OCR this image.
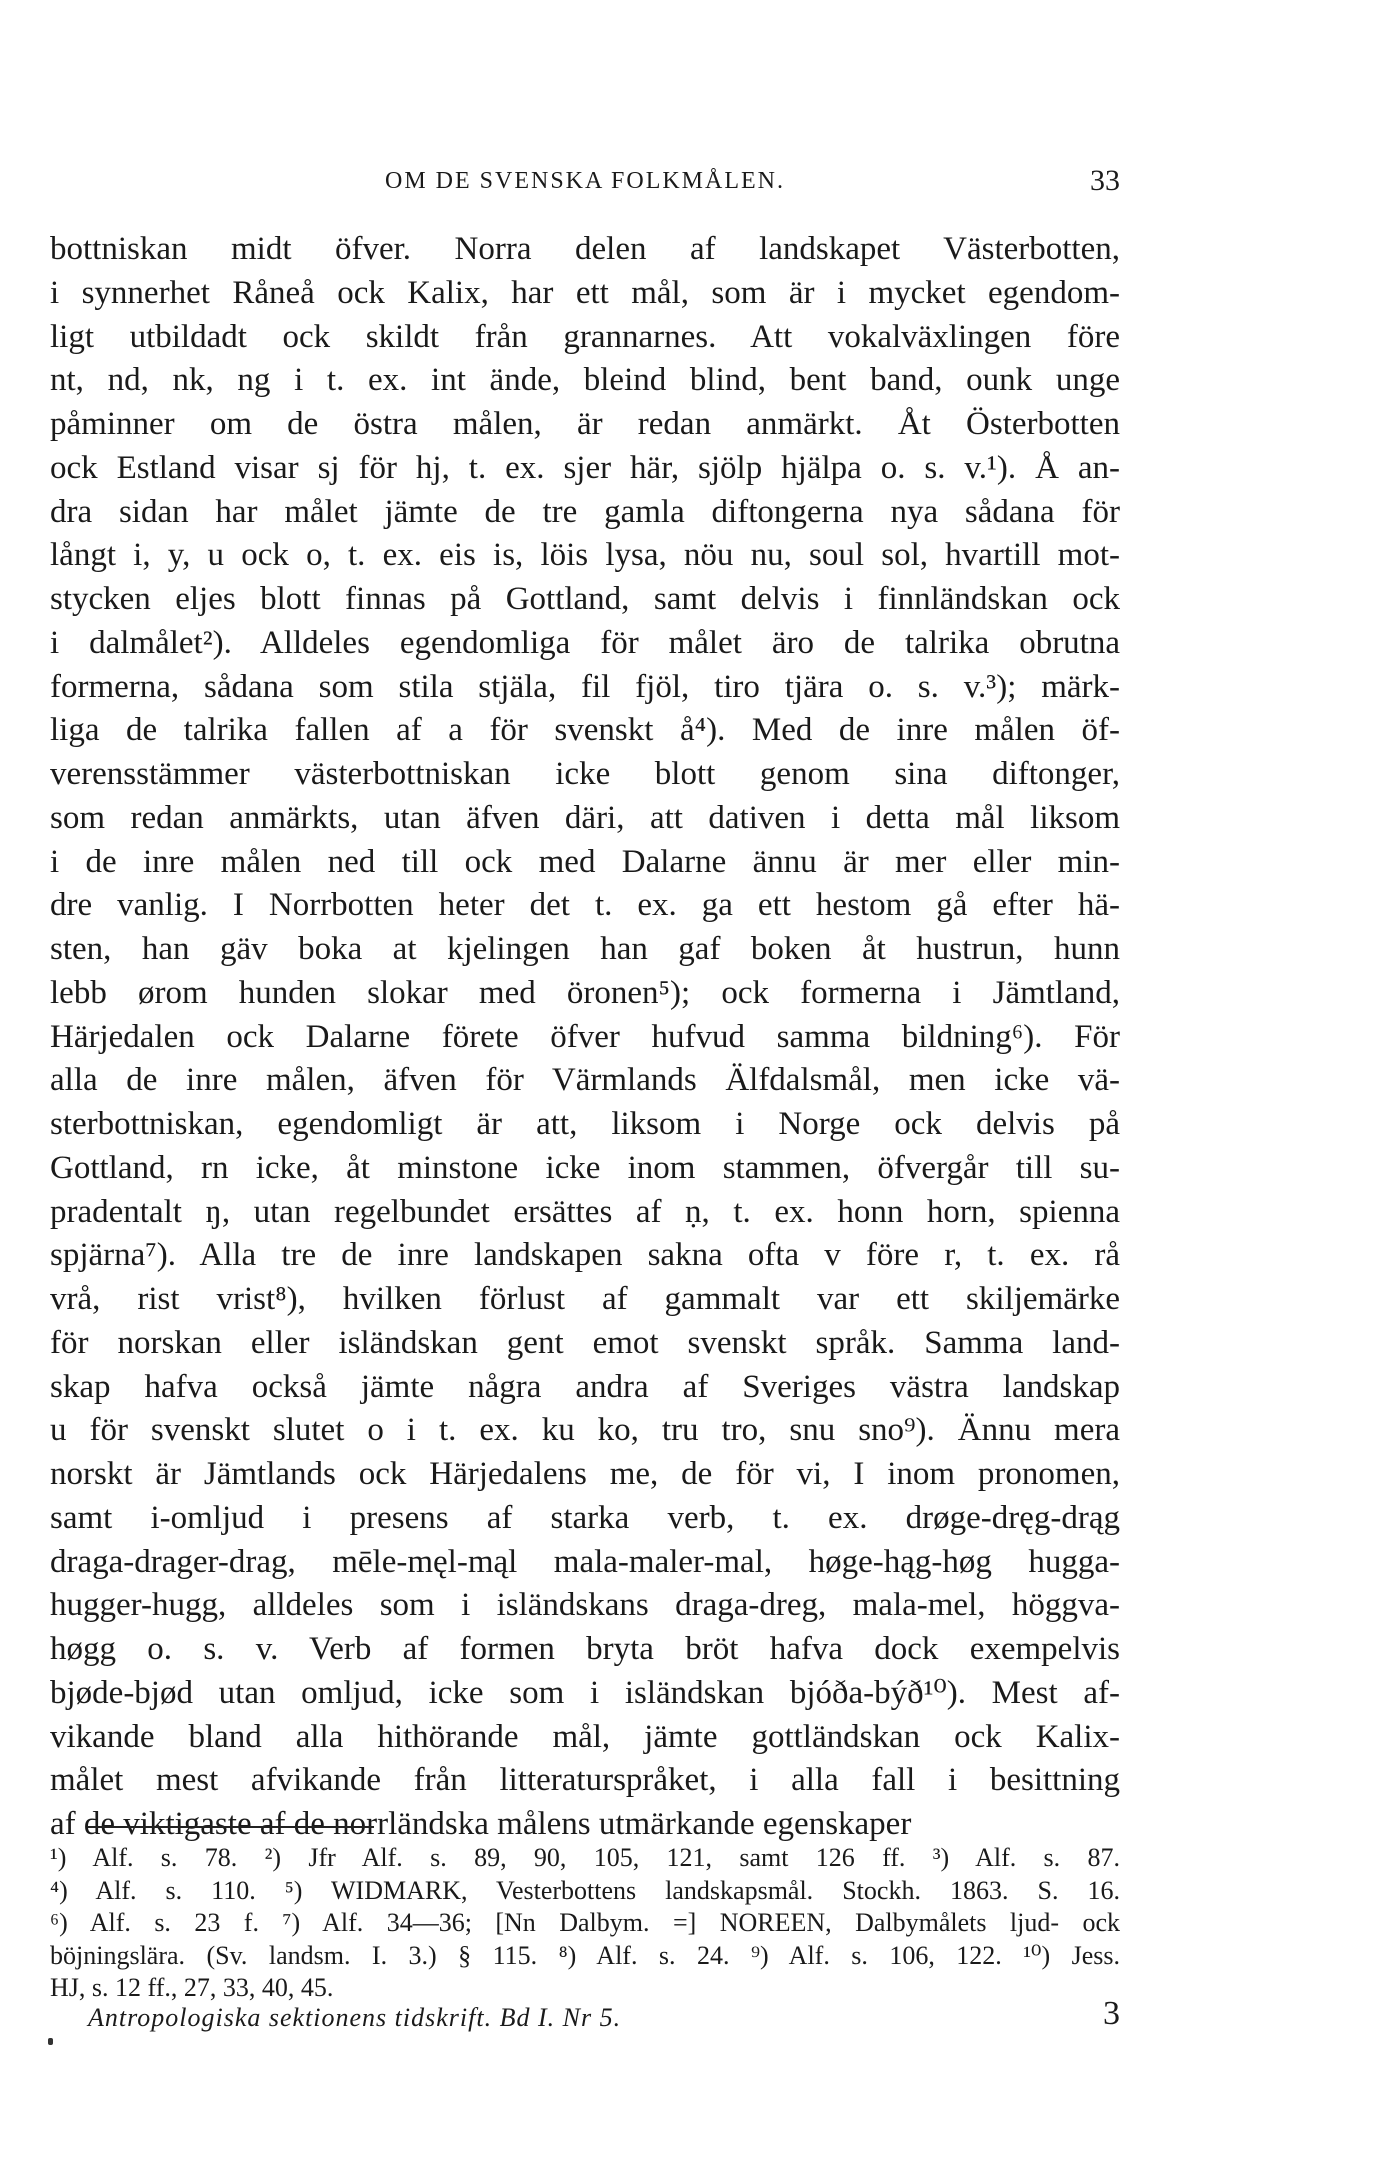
OM DE SVENSKA FOLKMÅLEN.	33
bottniskan midt öfver. Norra delen af landskapet Västerbotten,
i synnerhet Råneå ock Kalix, har ett mål, som är i mycket egendom-
ligt utbildadt ock skildt från grannarnes. Att vokalväxlingen före
nt, nd, nk, ng i t. ex. int ände, bleind blind, bent band, ounk unge
påminner om de östra målen, är redan anmärkt. Åt Österbotten
ock Estland visar sj för hj, t. ex. sjer här, sjölp hjälpa o. s. v.¹). Å an-
dra sidan har målet jämte de tre gamla diftongerna nya sådana för
långt i, y, u ock o, t. ex. eis is, löis lysa, nöu nu, soul sol, hvartill mot-
stycken eljes blott finnas på Gottland, samt delvis i finnländskan ock
i dalmålet²). Alldeles egendomliga för målet äro de talrika obrutna
formerna, sådana som stila stjäla, fil fjöl, tiro tjära o. s. v.³); märk-
liga de talrika fallen af a för svenskt å⁴). Med de inre målen öf-
verensstämmer västerbottniskan icke blott genom sina diftonger,
som redan anmärkts, utan äfven däri, att dativen i detta mål liksom
i de inre målen ned till ock med Dalarne ännu är mer eller min-
dre vanlig. I Norrbotten heter det t. ex. ga ett hestom gå efter hä-
sten, han gäv boka at kjelingen han gaf boken åt hustrun, hunn
lebb ørom hunden slokar med öronen⁵); ock formerna i Jämtland,
Härjedalen ock Dalarne förete öfver hufvud samma bildning⁶). För
alla de inre målen, äfven för Värmlands Älfdalsmål, men icke vä-
sterbottniskan, egendomligt är att, liksom i Norge ock delvis på
Gottland, rn icke, åt minstone icke inom stammen, öfvergår till su-
pradentalt ŋ, utan regelbundet ersättes af ṇ, t. ex. honn horn, spienna
spjärna⁷). Alla tre de inre landskapen sakna ofta v före r, t. ex. rå
vrå, rist vrist⁸), hvilken förlust af gammalt var ett skiljemärke
för norskan eller isländskan gent emot svenskt språk. Samma land-
skap hafva också jämte några andra af Sveriges västra landskap
u för svenskt slutet o i t. ex. ku ko, tru tro, snu sno⁹). Ännu mera
norskt är Jämtlands ock Härjedalens me, de för vi, I inom pronomen,
samt i-omljud i presens af starka verb, t. ex. drøge-dręg-drąg
draga-drager-drag, mēle-męl-mąl mala-maler-mal, høge-hąg-høg hugga-
hugger-hugg, alldeles som i isländskans draga-dreg, mala-mel, höggva-
høgg o. s. v. Verb af formen bryta bröt hafva dock exempelvis
bjøde-bjød utan omljud, icke som i isländskan bjóða-býð¹⁰). Mest af-
vikande bland alla hithörande mål, jämte gottländskan ock Kalix-
målet mest afvikande från litteraturspråket, i alla fall i besittning
af de viktigaste af de norrländska målens utmärkande egenskaper
¹) Alf. s. 78. ²) Jfr Alf. s. 89, 90, 105, 121, samt 126 ff. ³) Alf. s. 87.
⁴) Alf. s. 110. ⁵) WIDMARK, Vesterbottens landskapsmål. Stockh. 1863. S. 16.
⁶) Alf. s. 23 f. ⁷) Alf. 34—36; [Nn Dalbym. =] NOREEN, Dalbymålets ljud- ock
böjningslära. (Sv. landsm. I. 3.) § 115. ⁸) Alf. s. 24. ⁹) Alf. s. 106, 122. ¹⁰) Jess.
HJ, s. 12 ff., 27, 33, 40, 45.
Antropologiska sektionens tidskrift. Bd I. Nr 5.	3
